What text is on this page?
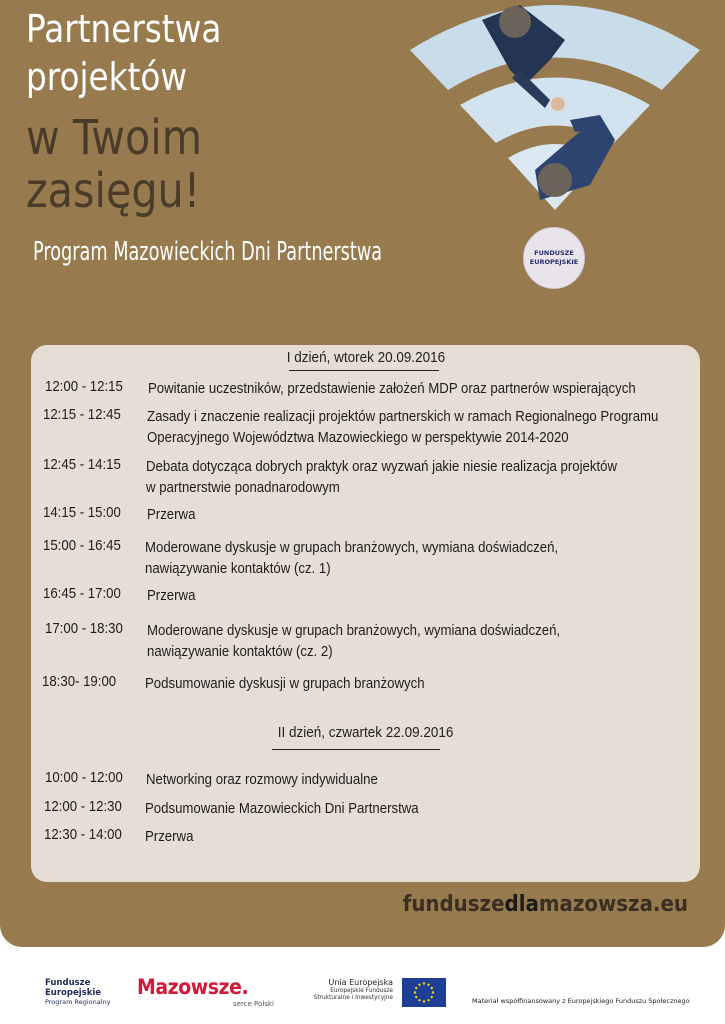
Partnerstwa
projektów
w Twoim
zasięgu!
Program Mazowieckich Dni Partnerstwa	FUNDUSZE
EUROPEJSKIE
I dzień, wtorek 20.09.2016
12:00 - 12:15 Powitanie uczestników, przedstawienie założeń MDP oraz partnerów wspierających
12:15 - 12:45 Zasady i znaczenie realizacji projektów partnerskich w ramach Regionalnego Programu
Operacyjnego Województwa Mazowieckiego w perspektywie 2014-2020
12:45 - 14:15 Debata dotycząca dobrych praktyk oraz wyzwań jakie niesie realizacja projektów
w partnerstwie ponadnarodowym
14:15 - 15:00 Przerwa
15:00 - 16:45 Moderowane dyskusje w grupach branżowych, wymiana doświadczeń,
nawiązywanie kontaktów (cz. 1)
16:45 - 17:00 Przerwa
17:00 - 18:30 Moderowane dyskusje w grupach branżowych, wymiana doświadczeń,
nawiązywanie kontaktów (cz. 2)
18:30- 19:00 Podsumowanie dyskusji w grupach branżowych
II dzień, czwartek 22.09.2016
10:00 - 12:00 Networking oraz rozmowy indywidualne
12:00 - 12:30 Podsumowanie Mazowieckich Dni Partnerstwa
12:30 - 14:00 Przerwa
funduszedlamazowsza.eu
Fundusze
Europejskie
Program Regionalny
Mazowsze.
serce Polski
Unia Europejska
Europejskie Fundusze
Strukturalne i Inwestycyjne	Materiał współfinansowany z Europejskiego Funduszu Społecznego
